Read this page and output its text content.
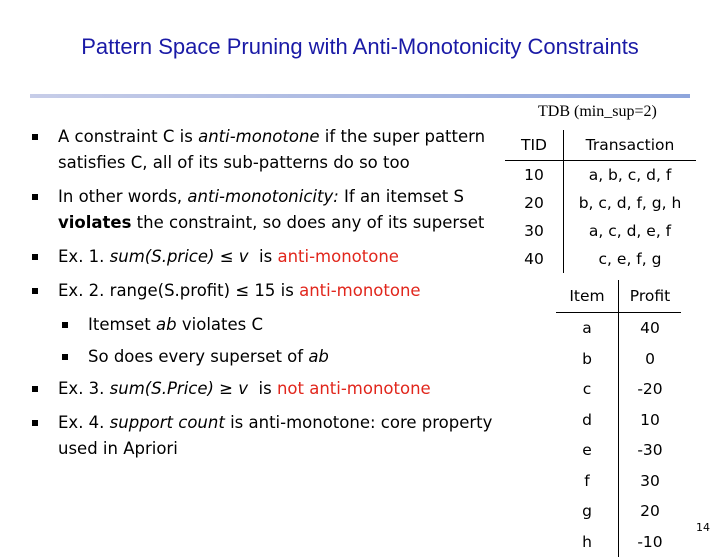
Pattern Space Pruning with Anti-Monotonicity Constraints
A constraint C is anti-monotone if the super pattern satisfies C, all of its sub-patterns do so too
In other words, anti-monotonicity: If an itemset S violates the constraint, so does any of its superset
Ex. 1. sum(S.price) ≤ v  is anti-monotone
Ex. 2. range(S.profit) ≤ 15 is anti-monotone
Itemset ab violates C
So does every superset of ab
Ex. 3. sum(S.Price) ≥ v  is not anti-monotone
Ex. 4. support count is anti-monotone: core property used in Apriori
TDB (min_sup=2)
TID	Transaction
10	a, b, c, d, f
20	b, c, d, f, g, h
30	a, c, d, e, f
40	c, e, f, g
Item	Profit
a	40
b	0
c	-20
d	10
e	-30
f	30
g	20
h	-10
14
